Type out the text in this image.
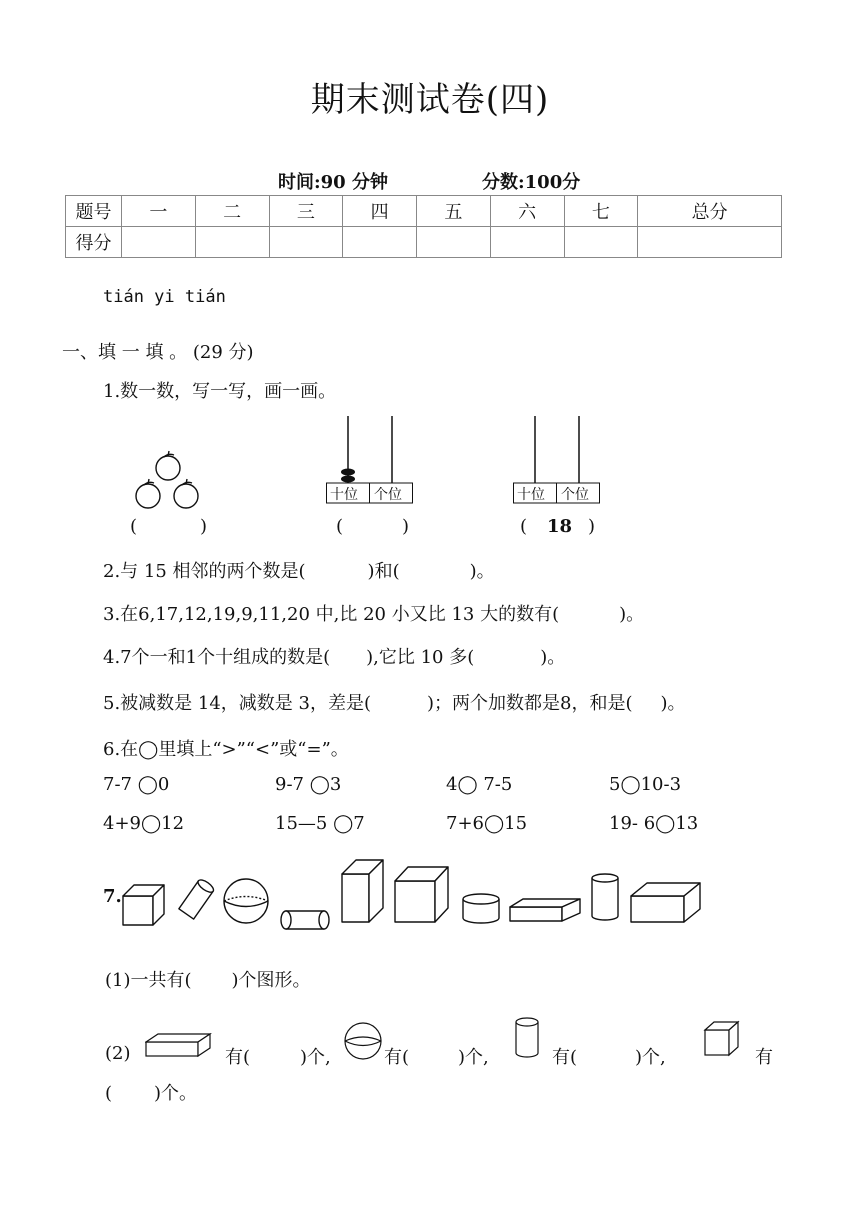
期末测试卷(四)
时间:90 分钟	分数:100分
题号	一	二	三	四	五	六	七	总分
得分								
tián yi tián
一、填 一 填 。 (29 分)
1.数一数，写一写，画一画。
(	)
十位 个位
(	)
十位 个位
( 18 )
2.与 15 相邻的两个数是(	)和(	)。
3.在6,17,12,19,9,11,20 中,比 20 小又比 13 大的数有(	)。
4.7个一和1个十组成的数是( ),它比 10 多(	)。
5.被减数是 14，减数是 3，差是(	)；两个加数都是8，和是( )。
6.在◯里填上“>”“<”或“=”。
7-7 ◯0	9-7 ◯3	4◯ 7-5	5◯10-3
4+9◯12	15—5 ◯7	7+6◯15	19- 6◯13
7.
(1)一共有( )个图形。
(2)	有(	)个,	有(	)个,	有(	)个,	有
( )个。
